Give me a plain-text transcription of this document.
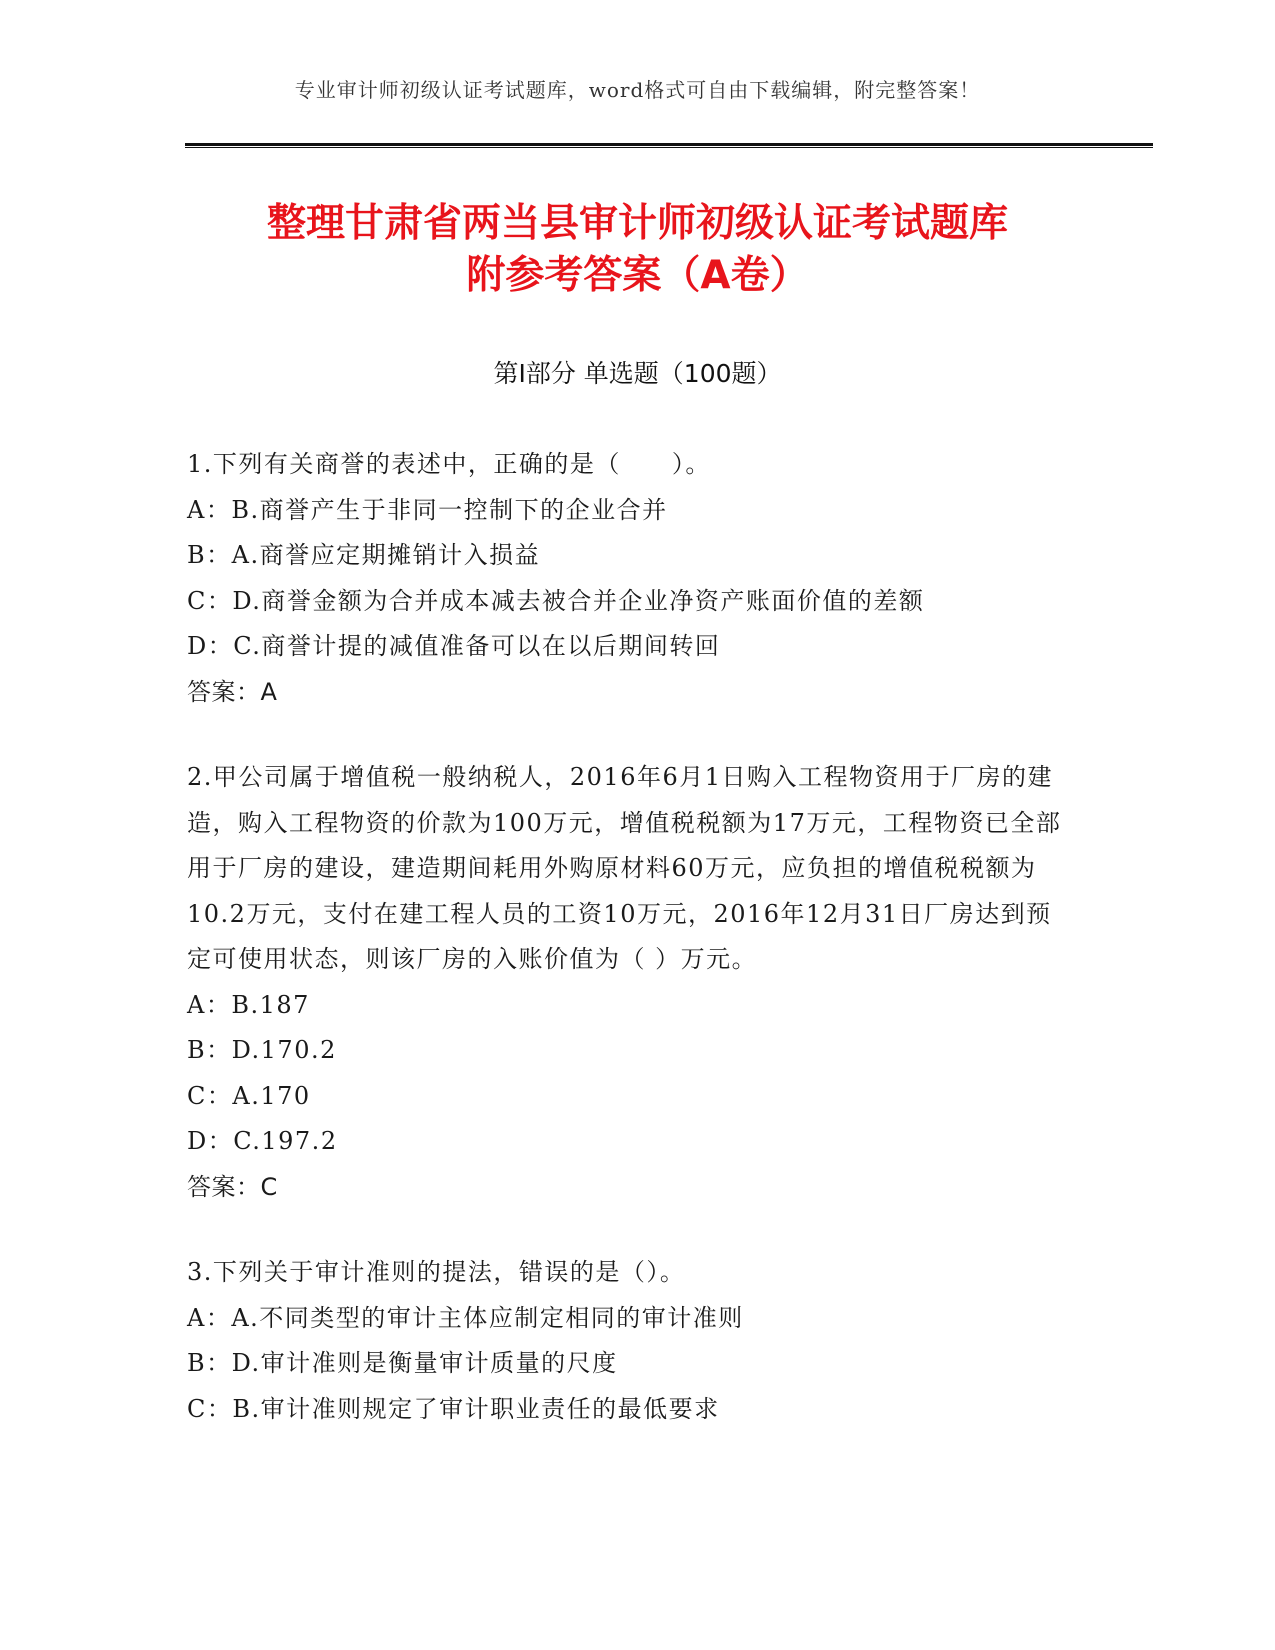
专业审计师初级认证考试题库，word格式可自由下载编辑，附完整答案！
整理甘肃省两当县审计师初级认证考试题库
附参考答案（A卷）
第Ⅰ部分 单选题（100题）

1.下列有关商誉的表述中，正确的是（　　）。

A：B.商誉产生于非同一控制下的企业合并
B：A.商誉应定期摊销计入损益
C：D.商誉金额为合并成本减去被合并企业净资产账面价值的差额
D：C.商誉计提的减值准备可以在以后期间转回
答案：A

2.甲公司属于增值税一般纳税人，2016年6月1日购入工程物资用于厂房的建造，购入工程物资的价款为100万元，增值税税额为17万元，工程物资已全部用于厂房的建设，建造期间耗用外购原材料60万元，应负担的增值税税额为10.2万元，支付在建工程人员的工资10万元，2016年12月31日厂房达到预定可使用状态，则该厂房的入账价值为（ ）万元。

A：B.187
B：D.170.2
C：A.170
D：C.197.2
答案：C

3.下列关于审计准则的提法，错误的是（）。

A：A.不同类型的审计主体应制定相同的审计准则
B：D.审计准则是衡量审计质量的尺度
C：B.审计准则规定了审计职业责任的最低要求
